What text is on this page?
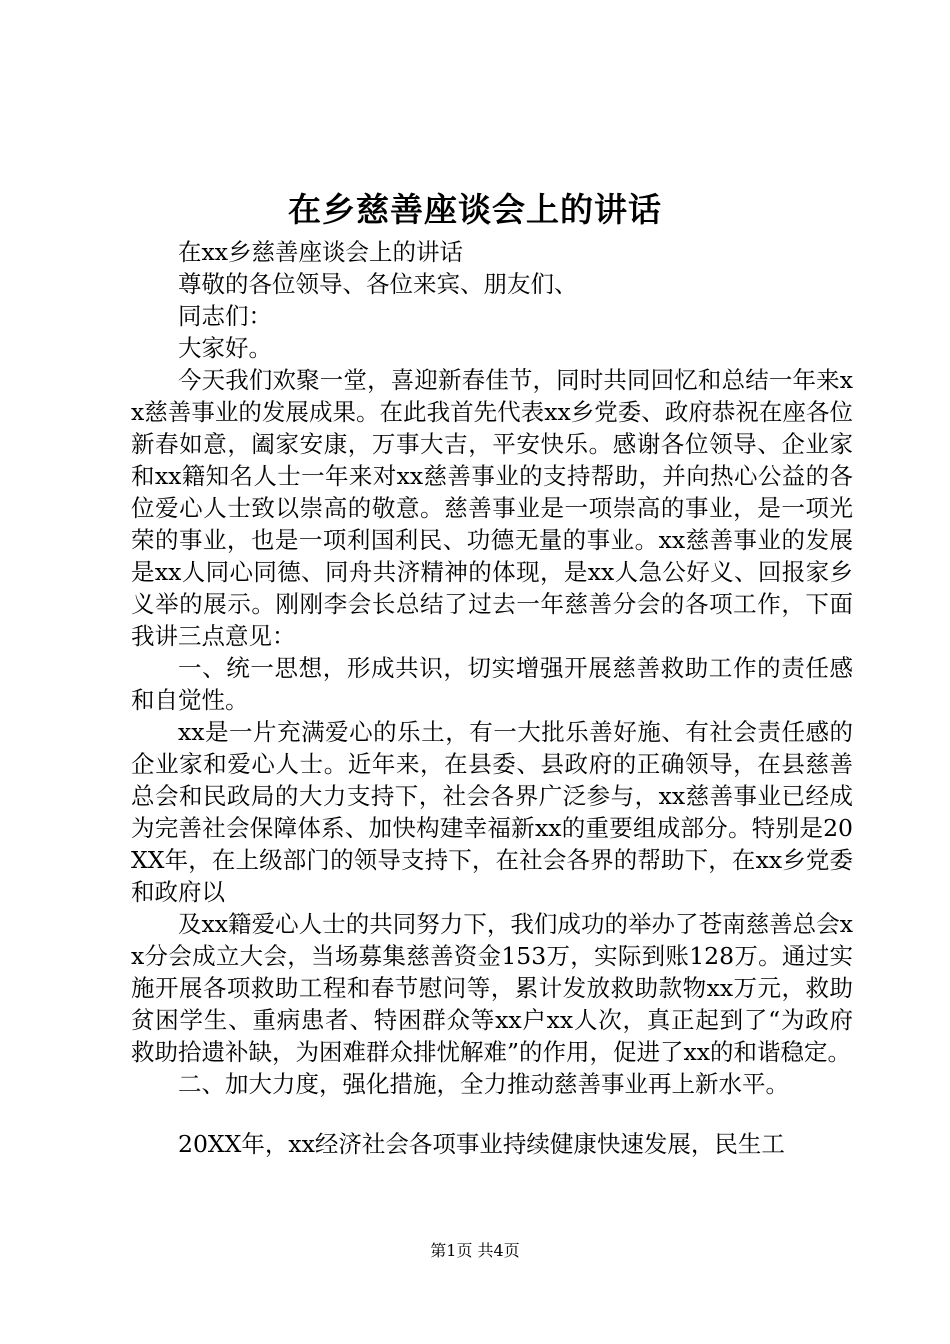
在乡慈善座谈会上的讲话

在xx乡慈善座谈会上的讲话

尊敬的各位领导、各位来宾、朋友们、

同志们：

大家好。

今天我们欢聚一堂，喜迎新春佳节，同时共同回忆和总结一年来xx慈善事业的发展成果。在此我首先代表xx乡党委、政府恭祝在座各位新春如意，阖家安康，万事大吉，平安快乐。感谢各位领导、企业家和xx籍知名人士一年来对xx慈善事业的支持帮助，并向热心公益的各位爱心人士致以崇高的敬意。慈善事业是一项崇高的事业，是一项光荣的事业，也是一项利国利民、功德无量的事业。xx慈善事业的发展是xx人同心同德、同舟共济精神的体现，是xx人急公好义、回报家乡义举的展示。刚刚李会长总结了过去一年慈善分会的各项工作，下面我讲三点意见：

一、统一思想，形成共识，切实增强开展慈善救助工作的责任感和自觉性。

xx是一片充满爱心的乐土，有一大批乐善好施、有社会责任感的企业家和爱心人士。近年来，在县委、县政府的正确领导，在县慈善总会和民政局的大力支持下，社会各界广泛参与，xx慈善事业已经成为完善社会保障体系、加快构建幸福新xx的重要组成部分。特别是20XX年，在上级部门的领导支持下，在社会各界的帮助下，在xx乡党委和政府以

及xx籍爱心人士的共同努力下，我们成功的举办了苍南慈善总会xx分会成立大会，当场募集慈善资金153万，实际到账128万。通过实施开展各项救助工程和春节慰问等，累计发放救助款物xx万元，救助贫困学生、重病患者、特困群众等xx户xx人次，真正起到了“为政府救助拾遗补缺，为困难群众排忧解难”的作用，促进了xx的和谐稳定。

二、加大力度，强化措施，全力推动慈善事业再上新水平。

20XX年，xx经济社会各项事业持续健康快速发展，民生工

第1页 共4页
